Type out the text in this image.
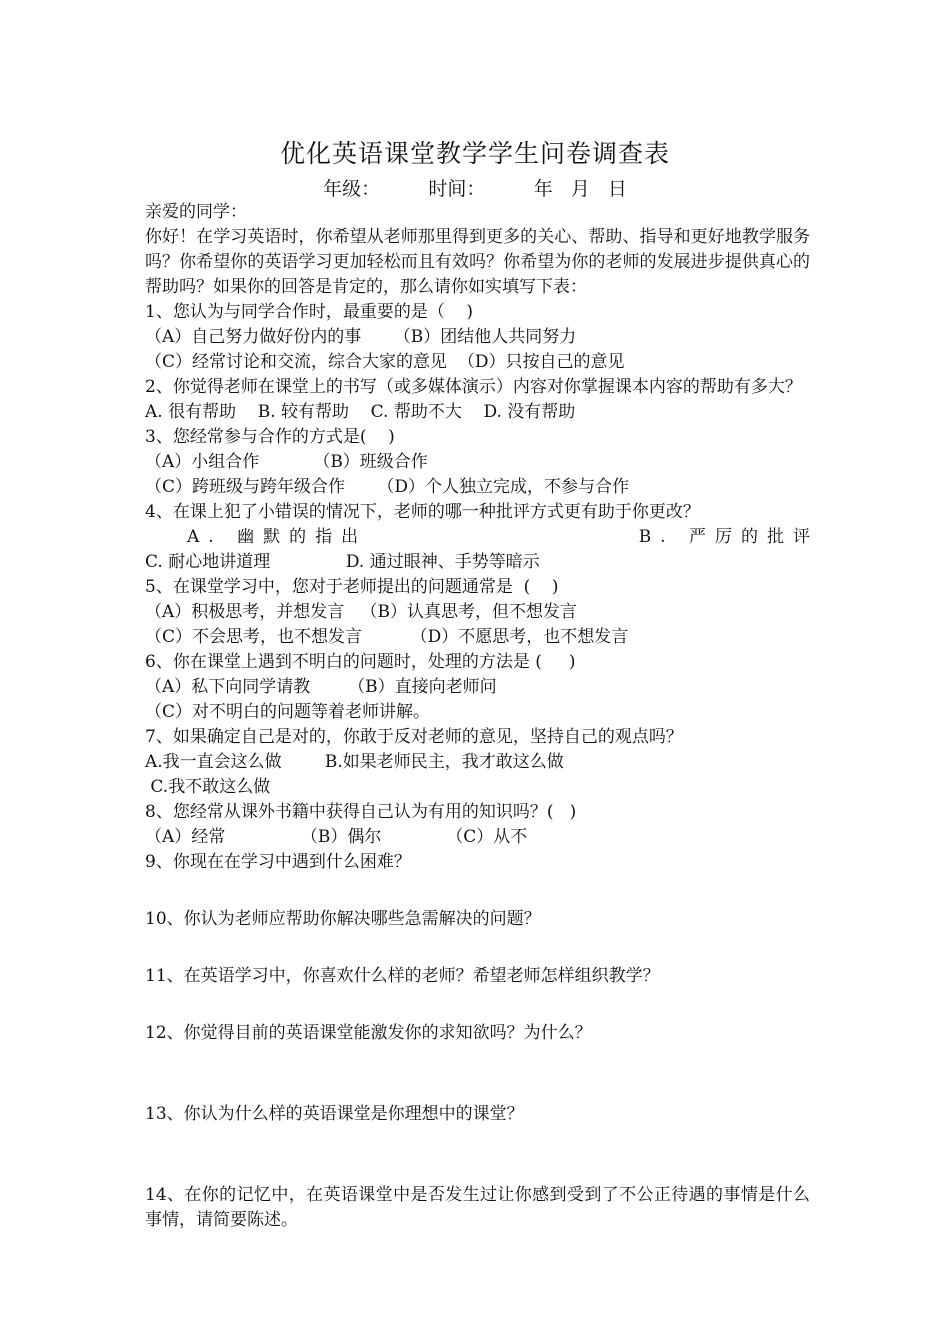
优化英语课堂教学学生问卷调查表
年级：        时间：        年   月   日
亲爱的同学：
你好！在学习英语时，你希望从老师那里得到更多的关心、帮助、指导和更好地教学服务吗？你希望你的英语学习更加轻松而且有效吗？你希望为你的老师的发展进步提供真心的帮助吗？如果你的回答是肯定的，那么请你如实填写下表：
1、您认为与同学合作时，最重要的是（    )
（A）自己努力做好份内的事      （B）团结他人共同努力
（C）经常讨论和交流，综合大家的意见  （D）只按自己的意见
2、你觉得老师在课堂上的书写（或多媒体演示）内容对你掌握课本内容的帮助有多大？
A. 很有帮助    B. 较有帮助    C. 帮助不大    D. 没有帮助
3、您经常参与合作的方式是(    )
（A）小组合作          （B）班级合作
（C）跨班级与跨年级合作      （D）个人独立完成，不参与合作
4、在课上犯了小错误的情况下，老师的哪一种批评方式更有助于你更改？
A. 幽默的指出	B. 严厉的批评
C. 耐心地讲道理              D. 通过眼神、手势等暗示
5、在课堂学习中，您对于老师提出的问题通常是  (    )
（A）积极思考，并想发言   （B）认真思考，但不想发言
（C）不会思考，也不想发言         （D）不愿思考，也不想发言
6、你在课堂上遇到不明白的问题时，处理的方法是 (     )
（A）私下向同学请教       （B）直接向老师问
（C）对不明白的问题等着老师讲解。
7、如果确定自己是对的，你敢于反对老师的意见，坚持自己的观点吗？
A.我一直会这么做        B.如果老师民主，我才敢这么做
C.我不敢这么做
8、您经常从课外书籍中获得自己认为有用的知识吗？(   )
（A）经常              （B）偶尔            （C）从不
9、你现在在学习中遇到什么困难？
10、你认为老师应帮助你解决哪些急需解决的问题？
11、在英语学习中，你喜欢什么样的老师？希望老师怎样组织教学？
12、你觉得目前的英语课堂能激发你的求知欲吗？为什么？
13、你认为什么样的英语课堂是你理想中的课堂？
14、在你的记忆中，在英语课堂中是否发生过让你感到受到了不公正待遇的事情是什么事情，请简要陈述。
